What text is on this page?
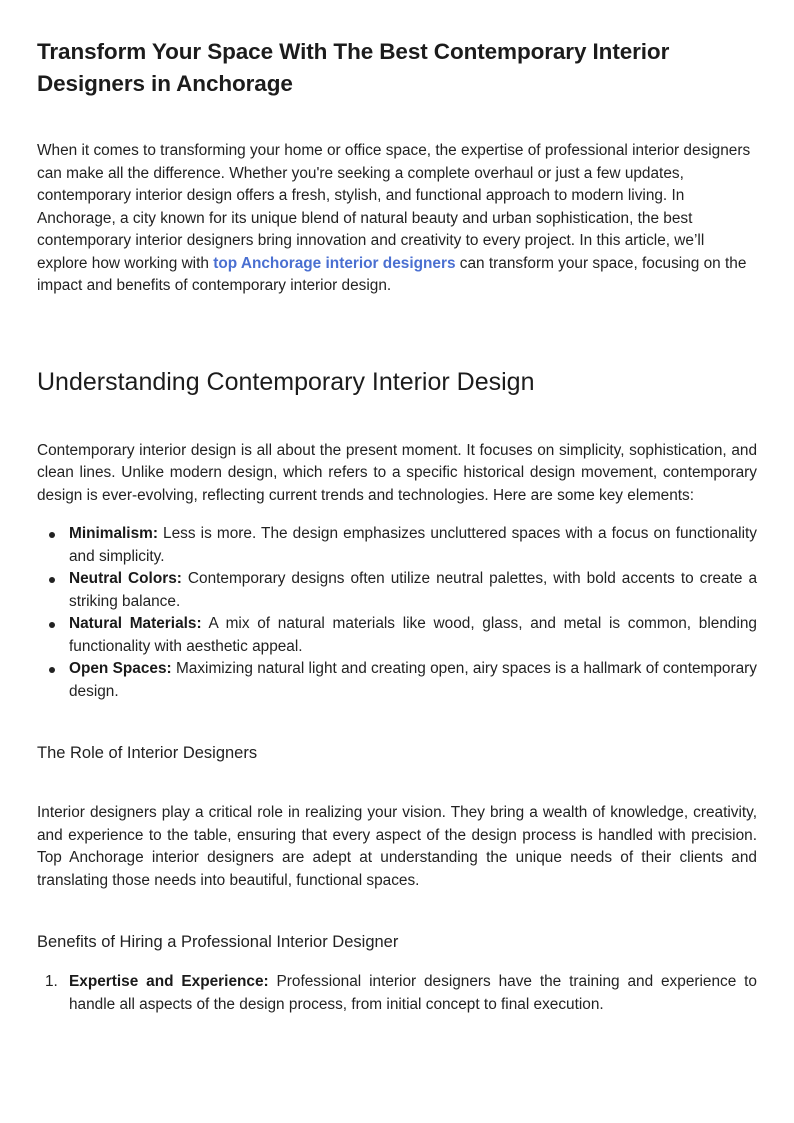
Transform Your Space With The Best Contemporary Interior Designers in Anchorage

When it comes to transforming your home or office space, the expertise of professional interior designers can make all the difference. Whether you're seeking a complete overhaul or just a few updates, contemporary interior design offers a fresh, stylish, and functional approach to modern living. In Anchorage, a city known for its unique blend of natural beauty and urban sophistication, the best contemporary interior designers bring innovation and creativity to every project. In this article, we’ll explore how working with top Anchorage interior designers can transform your space, focusing on the impact and benefits of contemporary interior design.

Understanding Contemporary Interior Design

Contemporary interior design is all about the present moment. It focuses on simplicity, sophistication, and clean lines. Unlike modern design, which refers to a specific historical design movement, contemporary design is ever-evolving, reflecting current trends and technologies. Here are some key elements:

Minimalism: Less is more. The design emphasizes uncluttered spaces with a focus on functionality and simplicity.
Neutral Colors: Contemporary designs often utilize neutral palettes, with bold accents to create a striking balance.
Natural Materials: A mix of natural materials like wood, glass, and metal is common, blending functionality with aesthetic appeal.
Open Spaces: Maximizing natural light and creating open, airy spaces is a hallmark of contemporary design.
The Role of Interior Designers

Interior designers play a critical role in realizing your vision. They bring a wealth of knowledge, creativity, and experience to the table, ensuring that every aspect of the design process is handled with precision. Top Anchorage interior designers are adept at understanding the unique needs of their clients and translating those needs into beautiful, functional spaces.

Benefits of Hiring a Professional Interior Designer
1. Expertise and Experience: Professional interior designers have the training and experience to handle all aspects of the design process, from initial concept to final execution.
